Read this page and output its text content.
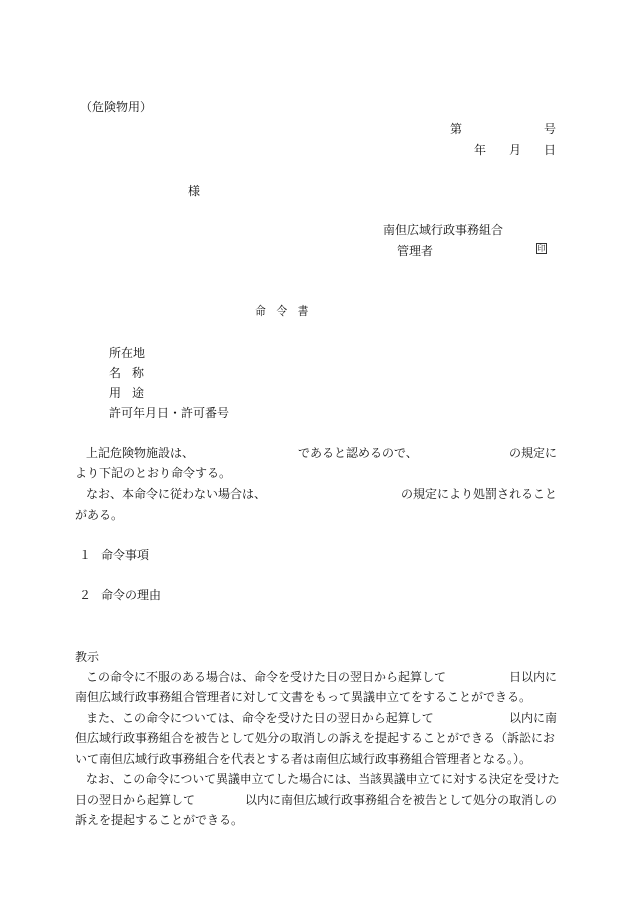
（危険物用）
第	号
年 月 日
様
南但広域行政事務組合
管理者	印
命 令 書
所在地
名 称
用 途
許可年月日・許可番号
上記危険物施設は、	であると認めるので、	の規定に
より下記のとおり命令する。
なお、本命令に従わない場合は、	の規定により処罰されること
がある。
１ 命令事項
２ 命令の理由
教示
この命令に不服のある場合は、命令を受けた日の翌日から起算して	日以内に
南但広域行政事務組合管理者に対して文書をもって異議申立てをすることができる。
また、この命令については、命令を受けた日の翌日から起算して	以内に南
但広域行政事務組合を被告として処分の取消しの訴えを提起することができる（訴訟にお
いて南但広域行政事務組合を代表とする者は南但広域行政事務組合管理者となる。）。
なお、この命令について異議申立てした場合には、当該異議申立てに対する決定を受けた
日の翌日から起算して	以内に南但広域行政事務組合を被告として処分の取消しの
訴えを提起することができる。
